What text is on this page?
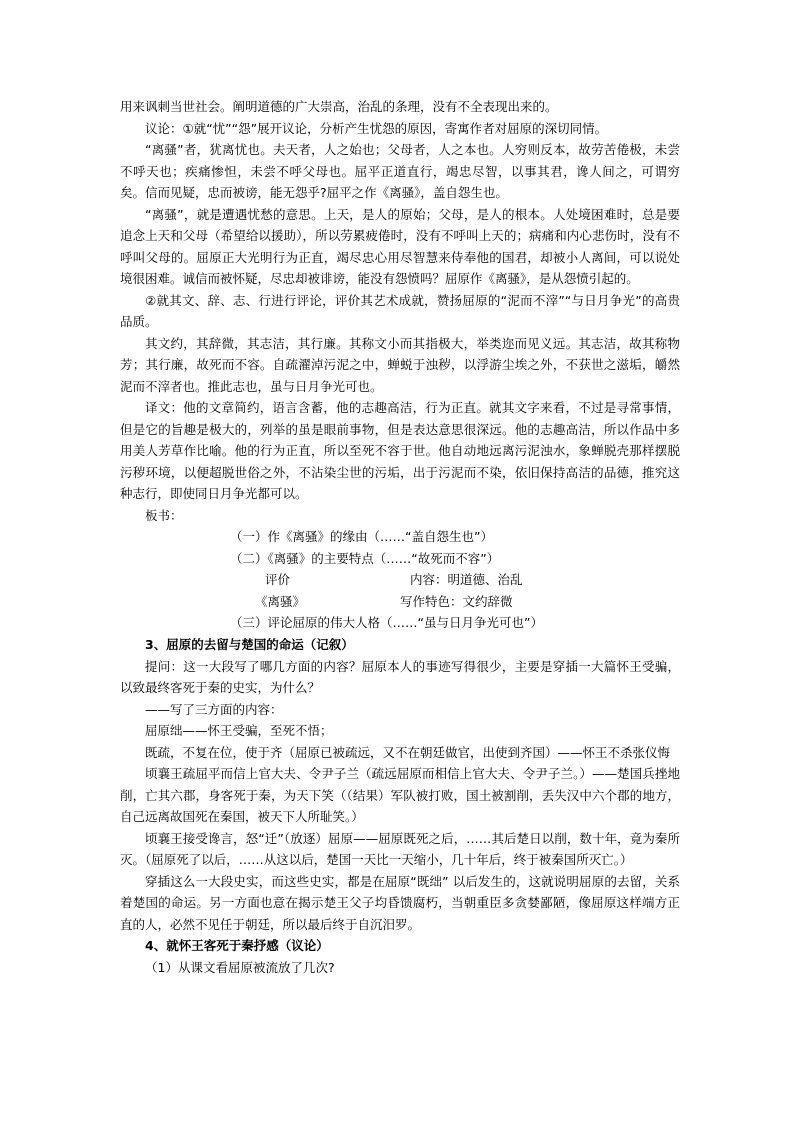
用来讽刺当世社会。阐明道德的广大崇高，治乱的条理，没有不全表现出来的。

议论：①就“忧”“怨”展开议论，分析产生忧怨的原因，寄寓作者对屈原的深切同情。

“离骚”者，犹离忧也。夫天者，人之始也；父母者，人之本也。人穷则反本，故劳苦倦极，未尝不呼天也；疾痛惨怛，未尝不呼父母也。屈平正道直行，竭忠尽智，以事其君，谗人间之，可谓穷矣。信而见疑，忠而被谤，能无怨乎?屈平之作《离骚》，盖自怨生也。

“离骚”，就是遭遇忧愁的意思。上天，是人的原始；父母，是人的根本。人处境困难时，总是要追念上天和父母（希望给以援助），所以劳累疲倦时，没有不呼叫上天的；病痛和内心悲伤时，没有不呼叫父母的。屈原正大光明行为正直，竭尽忠心用尽智慧来侍奉他的国君，却被小人离间，可以说处境很困难。诚信而被怀疑，尽忠却被诽谤，能没有怨愤吗？屈原作《离骚》，是从怨愤引起的。

②就其文、辞、志、行进行评论，评价其艺术成就，赞扬屈原的“泥而不滓”“与日月争光”的高贵品质。

其文约，其辞微，其志洁，其行廉。其称文小而其指极大，举类迩而见义远。其志洁，故其称物芳；其行廉，故死而不容。自疏濯淖污泥之中，蝉蜕于浊秽，以浮游尘埃之外，不获世之滋垢，皭然泥而不滓者也。推此志也，虽与日月争光可也。

译文：他的文章简约，语言含蓄，他的志趣高洁，行为正直。就其文字来看，不过是寻常事情，但是它的旨趣是极大的，列举的虽是眼前事物，但是表达意思很深远。他的志趣高洁，所以作品中多用美人芳草作比喻。他的行为正直，所以至死不容于世。他自动地远离污泥浊水，象蝉脱壳那样摆脱污秽环境，以便超脱世俗之外，不沾染尘世的污垢，出于污泥而不染，依旧保持高洁的品德，推究这种志行，即使同日月争光都可以。

板书：

（一）作《离骚》的缘由（……“盖自怨生也”）
（二）《离骚》的主要特点（……“故死而不容”）
评价	内容：明道德、治乱
《离骚》	写作特色：文约辞微
（三）评论屈原的伟大人格（……“虽与日月争光可也”）

3、屈原的去留与楚国的命运（记叙）

提问：这一大段写了哪几方面的内容？屈原本人的事迹写得很少，主要是穿插一大篇怀王受骗，以致最终客死于秦的史实，为什么？

——写了三方面的内容：

屈原绌——怀王受骗，至死不悟；

既疏，不复在位，使于齐（屈原已被疏远，又不在朝廷做官，出使到齐国）——怀王不杀张仪悔

顷襄王疏屈平而信上官大夫、令尹子兰（疏远屈原而相信上官大夫、令尹子兰。）——楚国兵挫地削，亡其六郡，身客死于秦，为天下笑（（结果）军队被打败，国土被割削，丢失汉中六个郡的地方，自己远离故国死在秦国，被天下人所耻笑。）

顷襄王接受谗言，怒“迁”（放逐）屈原——屈原既死之后，……其后楚日以削，数十年，竟为秦所灭。（屈原死了以后，……从这以后，楚国一天比一天缩小，几十年后，终于被秦国所灭亡。）

穿插这么一大段史实，而这些史实，都是在屈原“既绌” 以后发生的，这就说明屈原的去留，关系着楚国的命运。另一方面也意在揭示楚王父子均昏馈腐朽，当朝重臣多贪婪鄙陋，像屈原这样端方正直的人，必然不见任于朝廷，所以最后终于自沉汨罗。

4、就怀王客死于秦抒感（议论）

（1）从课文看屈原被流放了几次?
